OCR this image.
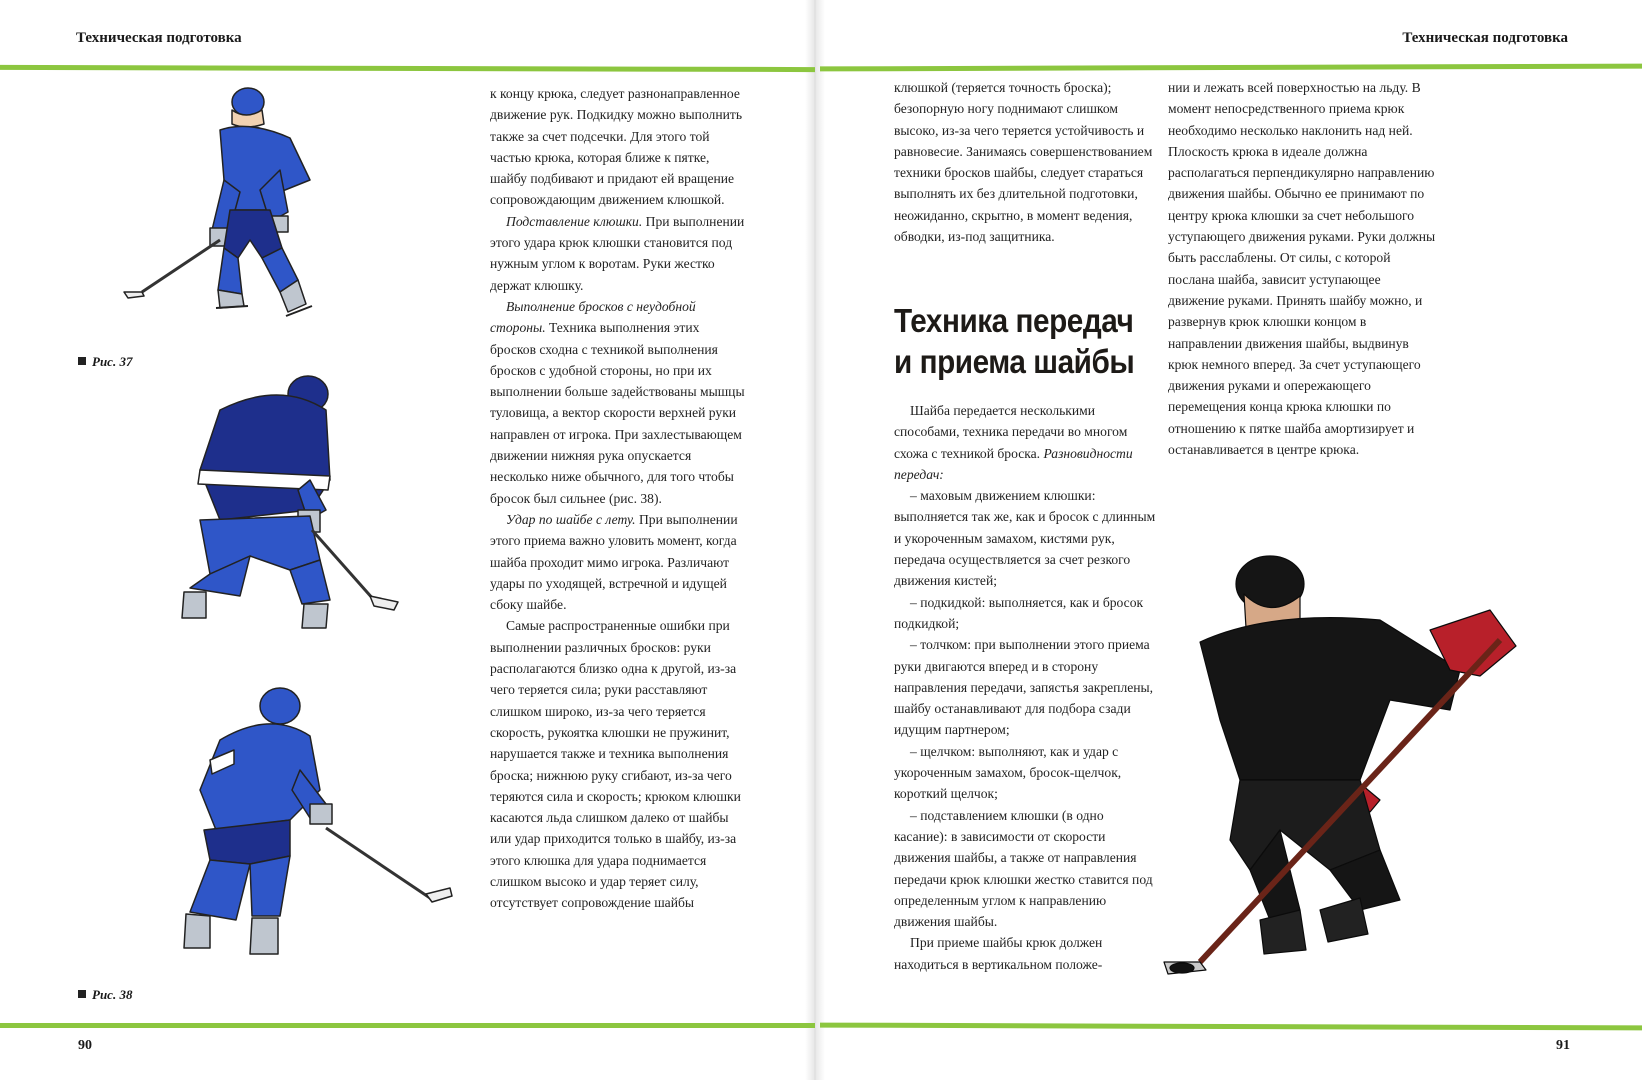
Техническая подготовка	Техническая подготовка
90	91
Рис. 37
Рис. 38

к концу крюка, следует разнонаправленное движение рук. Подкидку можно выполнить также за счет подсечки. Для этого той частью крюка, которая ближе к пятке, шайбу подбивают и придают ей вращение сопровождающим движением клюшкой.

Подставление клюшки. При выполнении этого удара крюк клюшки становится под нужным углом к воротам. Руки жестко держат клюшку.

Выполнение бросков с неудобной стороны. Техника выполнения этих бросков сходна с техникой выполнения бросков с удобной стороны, но при их выполнении больше задействованы мышцы туловища, а вектор скорости верхней руки направлен от игрока. При захлестывающем движении нижняя рука опускается несколько ниже обычного, для того чтобы бросок был сильнее (рис. 38).

Удар по шайбе с лету. При выполнении этого приема важно уловить момент, когда шайба проходит мимо игрока. Различают удары по уходящей, встречной и идущей сбоку шайбе.

Самые распространенные ошибки при выполнении различных бросков: руки располагаются близко одна к другой, из-за чего теряется сила; руки расставляют слишком широко, из-за чего теряется скорость, рукоятка клюшки не пружинит, нарушается также и техника выполнения броска; нижнюю руку сгибают, из-за чего теряются сила и скорость; крюком клюшки касаются льда слишком далеко от шайбы или удар приходится только в шайбу, из-за этого клюшка для удара поднимается слишком высоко и удар теряет силу, отсутствует сопровождение шайбы

клюшкой (теряется точность броска); безопорную ногу поднимают слишком высоко, из-за чего теряется устойчивость и равновесие. Занимаясь совершенствованием техники бросков шайбы, следует стараться выполнять их без длительной подготовки, неожиданно, скрытно, в момент ведения, обводки, из-под защитника.

Техника передач
и приема шайбы

Шайба передается несколькими способами, техника передачи во многом схожа с техникой броска. Разновидности передач:

– маховым движением клюшки: выполняется так же, как и бросок с длинным и укороченным замахом, кистями рук, передача осуществляется за счет резкого движения кистей;

– подкидкой: выполняется, как и бросок подкидкой;

– толчком: при выполнении этого приема руки двигаются вперед и в сторону направления передачи, запястья закреплены, шайбу останавливают для подбора сзади идущим партнером;

– щелчком: выполняют, как и удар с укороченным замахом, бросок-щелчок, короткий щелчок;

– подставлением клюшки (в одно касание): в зависимости от скорости движения шайбы, а также от направления передачи крюк клюшки жестко ставится под определенным углом к направлению движения шайбы.

При приеме шайбы крюк должен находиться в вертикальном положе-

нии и лежать всей поверхностью на льду. В момент непосредственного приема крюк необходимо несколько наклонить над ней. Плоскость крюка в идеале должна располагаться перпендикулярно направлению движения шайбы. Обычно ее принимают по центру крюка клюшки за счет небольшого уступающего движения руками. Руки должны быть расслаблены. От силы, с которой послана шайба, зависит уступающее движение руками. Принять шайбу можно, и развернув крюк клюшки концом в направлении движения шайбы, выдвинув крюк немного вперед. За счет уступающего движения руками и опережающего перемещения конца крюка клюшки по отношению к пятке шайба амортизирует и останавливается в центре крюка.
